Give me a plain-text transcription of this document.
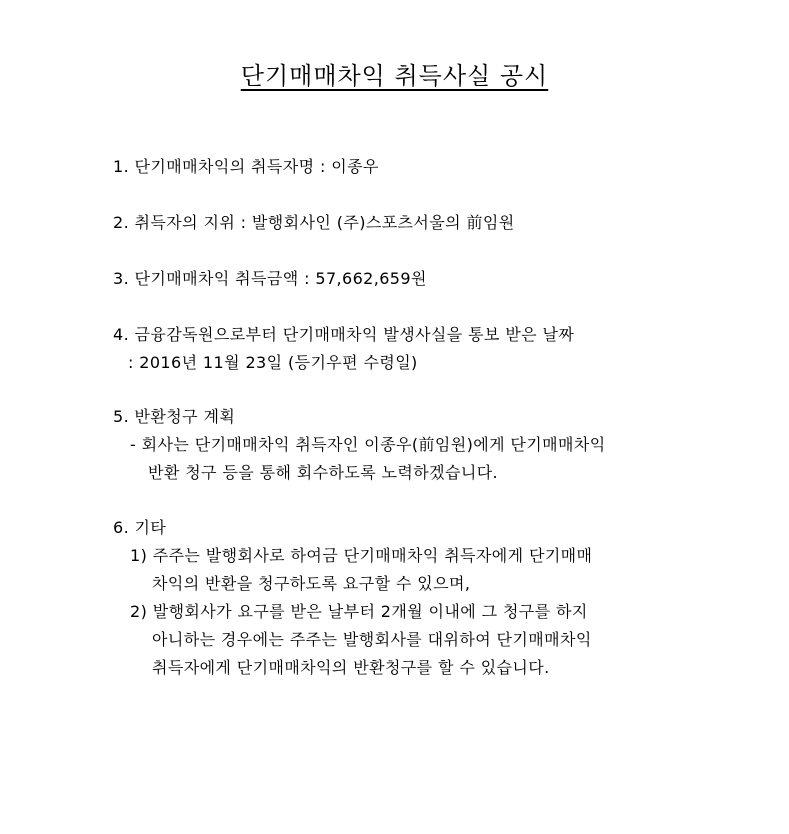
단기매매차익 취득사실 공시
1. 단기매매차익의 취득자명 : 이종우
2. 취득자의 지위 : 발행회사인 (주)스포츠서울의 前임원
3. 단기매매차익 취득금액 : 57,662,659원
4. 금융감독원으로부터 단기매매차익 발생사실을 통보 받은 날짜
: 2016년 11월 23일 (등기우편 수령일)
5. 반환청구 계획
- 회사는 단기매매차익 취득자인 이종우(前임원)에게 단기매매차익
반환 청구 등을 통해 회수하도록 노력하겠습니다.
6. 기타
1) 주주는 발행회사로 하여금 단기매매차익 취득자에게 단기매매
차익의 반환을 청구하도록 요구할 수 있으며,
2) 발행회사가 요구를 받은 날부터 2개월 이내에 그 청구를 하지
아니하는 경우에는 주주는 발행회사를 대위하여 단기매매차익
취득자에게 단기매매차익의 반환청구를 할 수 있습니다.
